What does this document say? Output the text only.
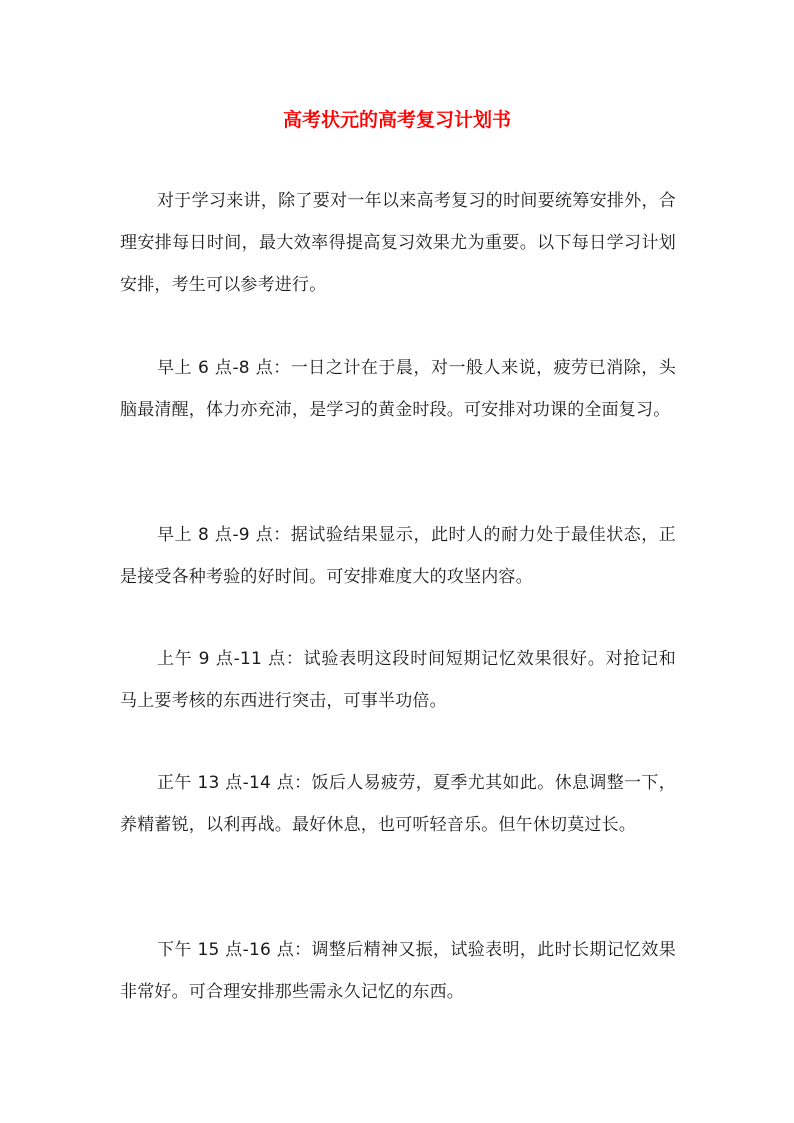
高考状元的高考复习计划书

对于学习来讲，除了要对一年以来高考复习的时间要统筹安排外，合理安排每日时间，最大效率得提高复习效果尤为重要。以下每日学习计划安排，考生可以参考进行。

早上 6 点-8 点：一日之计在于晨，对一般人来说，疲劳已消除，头脑最清醒，体力亦充沛，是学习的黄金时段。可安排对功课的全面复习。

早上 8 点-9 点：据试验结果显示，此时人的耐力处于最佳状态，正是接受各种考验的好时间。可安排难度大的攻坚内容。

上午 9 点-11 点：试验表明这段时间短期记忆效果很好。对抢记和马上要考核的东西进行突击，可事半功倍。

正午 13 点-14 点：饭后人易疲劳，夏季尤其如此。休息调整一下，养精蓄锐，以利再战。最好休息，也可听轻音乐。但午休切莫过长。

下午 15 点-16 点：调整后精神又振，试验表明，此时长期记忆效果非常好。可合理安排那些需永久记忆的东西。
